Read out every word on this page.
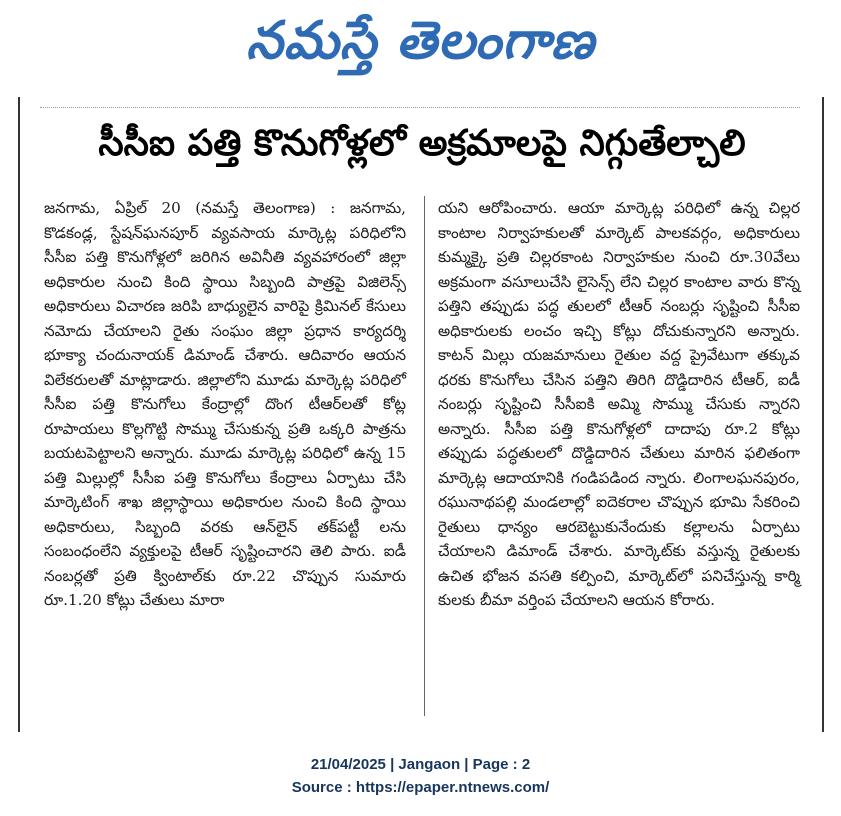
నమస్తే తెలంగాణ
సీసీఐ పత్తి కొనుగోళ్లలో అక్రమాలపై నిగ్గుతేల్చాలి

జనగామ, ఏప్రిల్ 20 (నమస్తే తెలంగాణ) : జనగామ, కొడకండ్ల, స్టేషన్‌ఘనపూర్ వ్యవసాయ మార్కెట్ల పరిధిలోని సీసీఐ పత్తి కొనుగోళ్లలో జరిగిన అవినీతి వ్యవహారంలో జిల్లా అధికారుల నుంచి కింది స్థాయి సిబ్బంది పాత్రపై విజిలెన్స్ అధికారులు విచారణ జరిపి బాధ్యులైన వారిపై క్రిమినల్ కేసులు నమోదు చేయాలని రైతు సంఘం జిల్లా ప్రధాన కార్యదర్శి భూక్యా చందునాయక్ డిమాండ్ చేశారు. ఆదివారం ఆయన విలేకరులతో మాట్లాడారు. జిల్లాలోని మూడు మార్కెట్ల పరిధిలో సీసీఐ పత్తి కొనుగోలు కేంద్రాల్లో దొంగ టీఆర్‌లతో కోట్ల రూపాయలు కొల్లగొట్టి సొమ్ము చేసుకున్న ప్రతి ఒక్కరి పాత్రను బయటపెట్టాలని అన్నారు. మూడు మార్కెట్ల పరిధిలో ఉన్న 15 పత్తి మిల్లుల్లో సీసీఐ పత్తి కొనుగోలు కేంద్రాలు ఏర్పాటు చేసి మార్కెటింగ్ శాఖ జిల్లాస్థాయి అధికారుల నుంచి కింది స్థాయి అధికారులు, సిబ్బంది వరకు ఆన్‌లైన్ తక్‌పట్టీ లను సంబంధంలేని వ్యక్తులపై టీఆర్ సృష్టించారని తెలి పారు. ఐడీ నంబర్లతో ప్రతి క్వింటాల్‌కు రూ.22 చొప్పున సుమారు రూ.1.20 కోట్లు చేతులు మారా

యని ఆరోపించారు. ఆయా మార్కెట్ల పరిధిలో ఉన్న చిల్లర కాంటాల నిర్వాహకులతో మార్కెట్ పాలకవర్గం, అధికారులు కుమ్మక్కై ప్రతి చిల్లరకాంట నిర్వాహకుల నుంచి రూ.30వేలు అక్రమంగా వసూలుచేసి లైసెన్స్ లేని చిల్లర కాంటాల వారు కొన్న పత్తిని తప్పుడు పద్ధ తులలో టీఆర్ నంబర్లు సృష్టించి సీసీఐ అధికారులకు లంచం ఇచ్చి కోట్లు దోచుకున్నారని అన్నారు. కాటన్ మిల్లు యజమానులు రైతుల వద్ద ప్రైవేటుగా తక్కువ ధరకు కొనుగోలు చేసిన పత్తిని తిరిగి దొడ్డిదారిన టీఆర్, ఐడీ నంబర్లు సృష్టించి సీసీఐకి అమ్మి సొమ్ము చేసుకు న్నారని అన్నారు. సీసీఐ పత్తి కొనుగోళ్లలో దాదాపు రూ.2 కోట్లు తప్పుడు పద్ధతులలో దొడ్డిదారిన చేతులు మారిన ఫలితంగా మార్కెట్ల ఆదాయానికి గండిపడింద న్నారు. లింగాలఘనపురం, రఘునాథపల్లి మండలాల్లో ఐదెకరాల చొప్పున భూమి సేకరించి రైతులు ధాన్యం ఆరబెట్టుకునేందుకు కల్లాలను ఏర్పాటు చేయాలని డిమాండ్ చేశారు. మార్కెట్‌కు వస్తున్న రైతులకు ఉచిత భోజన వసతి కల్పించి, మార్కెట్‌లో పనిచేస్తున్న కార్మి కులకు బీమా వర్తింప చేయాలని ఆయన కోరారు.

21/04/2025 | Jangaon | Page : 2
Source : https://epaper.ntnews.com/
